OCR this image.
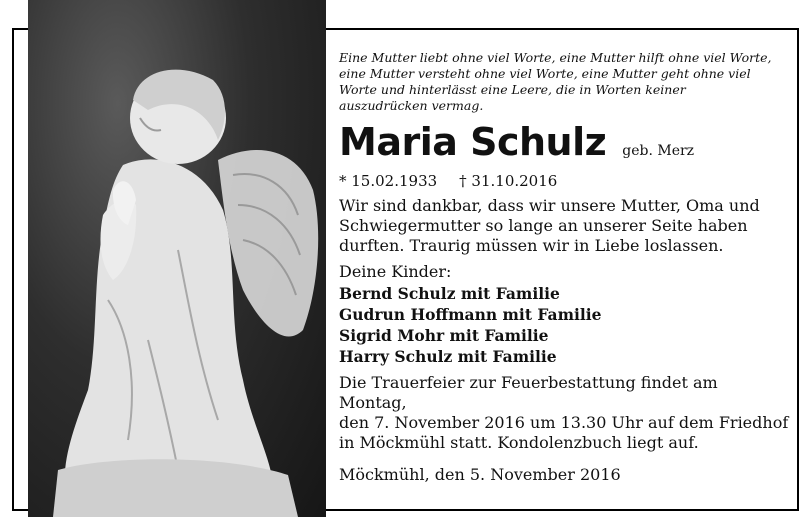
Eine Mutter liebt ohne viel Worte, eine Mutter hilft ohne viel Worte,
eine Mutter versteht ohne viel Worte, eine Mutter geht ohne viel
Worte und hinterlässt eine Leere, die in Worten keiner
auszudrücken vermag.
Maria Schulz geb. Merz
* 15.02.1933 † 31.10.2016
Wir sind dankbar, dass wir unsere Mutter, Oma und
Schwiegermutter so lange an unserer Seite haben
durften. Traurig müssen wir in Liebe loslassen.
Deine Kinder:
Bernd Schulz mit Familie
Gudrun Hoffmann mit Familie
Sigrid Mohr mit Familie
Harry Schulz mit Familie
Die Trauerfeier zur Feuerbestattung findet am Montag,
den 7. November 2016 um 13.30 Uhr auf dem Friedhof
in Möckmühl statt. Kondolenzbuch liegt auf.
Möckmühl, den 5. November 2016
